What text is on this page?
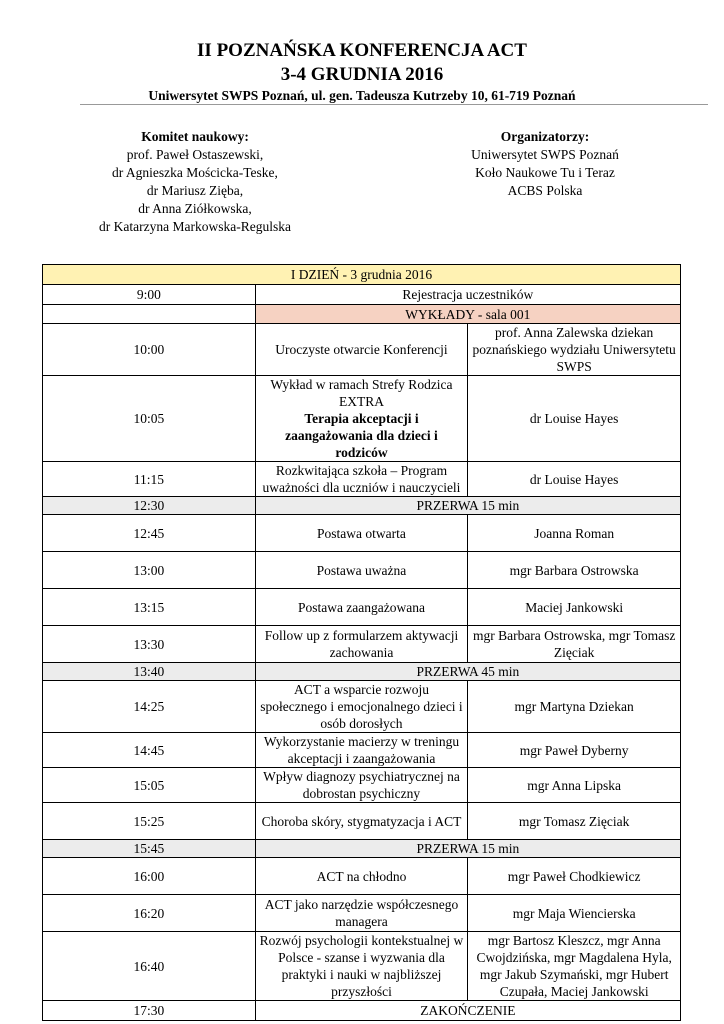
II POZNAŃSKA KONFERENCJA ACT
3-4 GRUDNIA 2016
Uniwersytet SWPS Poznań, ul. gen. Tadeusza Kutrzeby 10, 61-719 Poznań
Komitet naukowy:
prof. Paweł Ostaszewski,
dr Agnieszka Mościcka-Teske,
dr Mariusz Zięba,
dr Anna Ziółkowska,
dr Katarzyna Markowska-Regulska
Organizatorzy:
Uniwersytet SWPS Poznań
Koło Naukowe Tu i Teraz
ACBS Polska
I DZIEŃ - 3 grudnia 2016		
9:00	Rejestracja uczestników	
	WYKŁADY - sala 001	
10:00	Uroczyste otwarcie Konferencji	prof. Anna Zalewska dziekan poznańskiego wydziału Uniwersytetu SWPS
10:05	Wykład w ramach Strefy Rodzica EXTRA
Terapia akceptacji i zaangażowania dla dzieci i rodziców	dr Louise Hayes
11:15	Rozkwitająca szkoła – Program uważności dla uczniów i nauczycieli	dr Louise Hayes
12:30	PRZERWA 15 min	
12:45	Postawa otwarta	Joanna Roman
13:00	Postawa uważna	mgr Barbara Ostrowska
13:15	Postawa zaangażowana	Maciej Jankowski
13:30	Follow up z formularzem aktywacji zachowania	mgr Barbara Ostrowska, mgr Tomasz Zięciak
13:40	PRZERWA 45 min	
14:25	ACT a wsparcie rozwoju społecznego i emocjonalnego dzieci i osób dorosłych	mgr Martyna Dziekan
14:45	Wykorzystanie macierzy w treningu akceptacji i zaangażowania	mgr Paweł Dyberny
15:05	Wpływ diagnozy psychiatrycznej na dobrostan psychiczny	mgr Anna Lipska
15:25	Choroba skóry, stygmatyzacja i ACT	mgr Tomasz Zięciak
15:45	PRZERWA 15 min	
16:00	ACT na chłodno	mgr Paweł Chodkiewicz
16:20	ACT jako narzędzie współczesnego managera	mgr Maja Wiencierska
16:40	Rozwój psychologii kontekstualnej w Polsce - szanse i wyzwania dla praktyki i nauki w najbliższej przyszłości	mgr Bartosz Kleszcz, mgr Anna Cwojdzińska, mgr Magdalena Hyla, mgr Jakub Szymański, mgr Hubert Czupała, Maciej Jankowski
17:30	ZAKOŃCZENIE	
